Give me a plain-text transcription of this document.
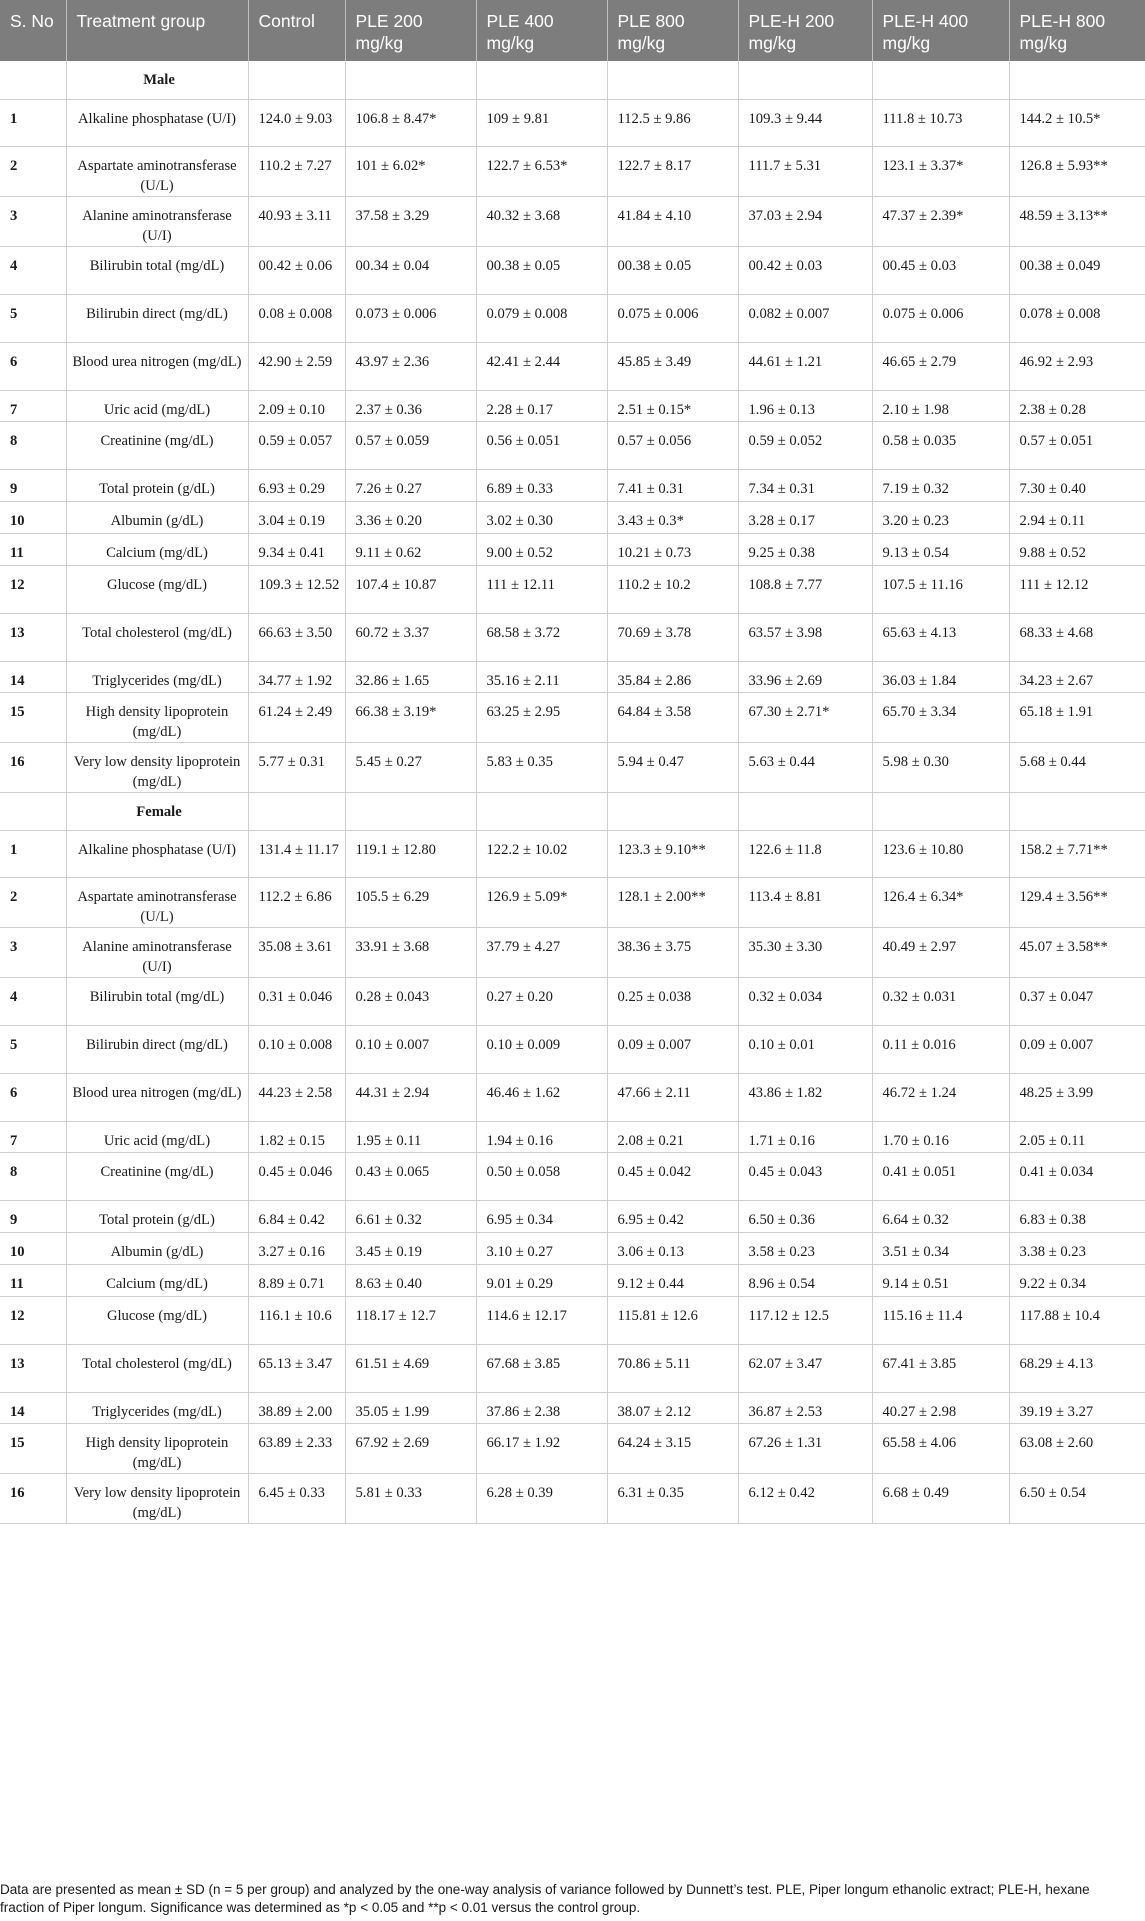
S. No	Treatment group	Control	PLE 200 mg/kg	PLE 400 mg/kg	PLE 800 mg/kg	PLE-H 200 mg/kg	PLE-H 400 mg/kg	PLE-H 800 mg/kg
	Male							
1	Alkaline phosphatase (U/I)	124.0 ± 9.03	106.8 ± 8.47*	109 ± 9.81	112.5 ± 9.86	109.3 ± 9.44	111.8 ± 10.73	144.2 ± 10.5*
2	Aspartate aminotransferase (U/L)	110.2 ± 7.27	101 ± 6.02*	122.7 ± 6.53*	122.7 ± 8.17	111.7 ± 5.31	123.1 ± 3.37*	126.8 ± 5.93**
3	Alanine aminotransferase (U/I)	40.93 ± 3.11	37.58 ± 3.29	40.32 ± 3.68	41.84 ± 4.10	37.03 ± 2.94	47.37 ± 2.39*	48.59 ± 3.13**
4	Bilirubin total (mg/dL)	00.42 ± 0.06	00.34 ± 0.04	00.38 ± 0.05	00.38 ± 0.05	00.42 ± 0.03	00.45 ± 0.03	00.38 ± 0.049
5	Bilirubin direct (mg/dL)	0.08 ± 0.008	0.073 ± 0.006	0.079 ± 0.008	0.075 ± 0.006	0.082 ± 0.007	0.075 ± 0.006	0.078 ± 0.008
6	Blood urea nitrogen (mg/dL)	42.90 ± 2.59	43.97 ± 2.36	42.41 ± 2.44	45.85 ± 3.49	44.61 ± 1.21	46.65 ± 2.79	46.92 ± 2.93
7	Uric acid (mg/dL)	2.09 ± 0.10	2.37 ± 0.36	2.28 ± 0.17	2.51 ± 0.15*	1.96 ± 0.13	2.10 ± 1.98	2.38 ± 0.28
8	Creatinine (mg/dL)	0.59 ± 0.057	0.57 ± 0.059	0.56 ± 0.051	0.57 ± 0.056	0.59 ± 0.052	0.58 ± 0.035	0.57 ± 0.051
9	Total protein (g/dL)	6.93 ± 0.29	7.26 ± 0.27	6.89 ± 0.33	7.41 ± 0.31	7.34 ± 0.31	7.19 ± 0.32	7.30 ± 0.40
10	Albumin (g/dL)	3.04 ± 0.19	3.36 ± 0.20	3.02 ± 0.30	3.43 ± 0.3*	3.28 ± 0.17	3.20 ± 0.23	2.94 ± 0.11
11	Calcium (mg/dL)	9.34 ± 0.41	9.11 ± 0.62	9.00 ± 0.52	10.21 ± 0.73	9.25 ± 0.38	9.13 ± 0.54	9.88 ± 0.52
12	Glucose (mg/dL)	109.3 ± 12.52	107.4 ± 10.87	111 ± 12.11	110.2 ± 10.2	108.8 ± 7.77	107.5 ± 11.16	111 ± 12.12
13	Total cholesterol (mg/dL)	66.63 ± 3.50	60.72 ± 3.37	68.58 ± 3.72	70.69 ± 3.78	63.57 ± 3.98	65.63 ± 4.13	68.33 ± 4.68
14	Triglycerides (mg/dL)	34.77 ± 1.92	32.86 ± 1.65	35.16 ± 2.11	35.84 ± 2.86	33.96 ± 2.69	36.03 ± 1.84	34.23 ± 2.67
15	High density lipoprotein (mg/dL)	61.24 ± 2.49	66.38 ± 3.19*	63.25 ± 2.95	64.84 ± 3.58	67.30 ± 2.71*	65.70 ± 3.34	65.18 ± 1.91
16	Very low density lipoprotein (mg/dL)	5.77 ± 0.31	5.45 ± 0.27	5.83 ± 0.35	5.94 ± 0.47	5.63 ± 0.44	5.98 ± 0.30	5.68 ± 0.44
	Female							
1	Alkaline phosphatase (U/I)	131.4 ± 11.17	119.1 ± 12.80	122.2 ± 10.02	123.3 ± 9.10**	122.6 ± 11.8	123.6 ± 10.80	158.2 ± 7.71**
2	Aspartate aminotransferase (U/L)	112.2 ± 6.86	105.5 ± 6.29	126.9 ± 5.09*	128.1 ± 2.00**	113.4 ± 8.81	126.4 ± 6.34*	129.4 ± 3.56**
3	Alanine aminotransferase (U/I)	35.08 ± 3.61	33.91 ± 3.68	37.79 ± 4.27	38.36 ± 3.75	35.30 ± 3.30	40.49 ± 2.97	45.07 ± 3.58**
4	Bilirubin total (mg/dL)	0.31 ± 0.046	0.28 ± 0.043	0.27 ± 0.20	0.25 ± 0.038	0.32 ± 0.034	0.32 ± 0.031	0.37 ± 0.047
5	Bilirubin direct (mg/dL)	0.10 ± 0.008	0.10 ± 0.007	0.10 ± 0.009	0.09 ± 0.007	0.10 ± 0.01	0.11 ± 0.016	0.09 ± 0.007
6	Blood urea nitrogen (mg/dL)	44.23 ± 2.58	44.31 ± 2.94	46.46 ± 1.62	47.66 ± 2.11	43.86 ± 1.82	46.72 ± 1.24	48.25 ± 3.99
7	Uric acid (mg/dL)	1.82 ± 0.15	1.95 ± 0.11	1.94 ± 0.16	2.08 ± 0.21	1.71 ± 0.16	1.70 ± 0.16	2.05 ± 0.11
8	Creatinine (mg/dL)	0.45 ± 0.046	0.43 ± 0.065	0.50 ± 0.058	0.45 ± 0.042	0.45 ± 0.043	0.41 ± 0.051	0.41 ± 0.034
9	Total protein (g/dL)	6.84 ± 0.42	6.61 ± 0.32	6.95 ± 0.34	6.95 ± 0.42	6.50 ± 0.36	6.64 ± 0.32	6.83 ± 0.38
10	Albumin (g/dL)	3.27 ± 0.16	3.45 ± 0.19	3.10 ± 0.27	3.06 ± 0.13	3.58 ± 0.23	3.51 ± 0.34	3.38 ± 0.23
11	Calcium (mg/dL)	8.89 ± 0.71	8.63 ± 0.40	9.01 ± 0.29	9.12 ± 0.44	8.96 ± 0.54	9.14 ± 0.51	9.22 ± 0.34
12	Glucose (mg/dL)	116.1 ± 10.6	118.17 ± 12.7	114.6 ± 12.17	115.81 ± 12.6	117.12 ± 12.5	115.16 ± 11.4	117.88 ± 10.4
13	Total cholesterol (mg/dL)	65.13 ± 3.47	61.51 ± 4.69	67.68 ± 3.85	70.86 ± 5.11	62.07 ± 3.47	67.41 ± 3.85	68.29 ± 4.13
14	Triglycerides (mg/dL)	38.89 ± 2.00	35.05 ± 1.99	37.86 ± 2.38	38.07 ± 2.12	36.87 ± 2.53	40.27 ± 2.98	39.19 ± 3.27
15	High density lipoprotein (mg/dL)	63.89 ± 2.33	67.92 ± 2.69	66.17 ± 1.92	64.24 ± 3.15	67.26 ± 1.31	65.58 ± 4.06	63.08 ± 2.60
16	Very low density lipoprotein (mg/dL)	6.45 ± 0.33	5.81 ± 0.33	6.28 ± 0.39	6.31 ± 0.35	6.12 ± 0.42	6.68 ± 0.49	6.50 ± 0.54
Data are presented as mean ± SD (n = 5 per group) and analyzed by the one-way analysis of variance followed by Dunnett’s test. PLE, Piper longum ethanolic extract; PLE-H, hexane fraction of Piper longum. Significance was determined as *p < 0.05 and **p < 0.01 versus the control group.
